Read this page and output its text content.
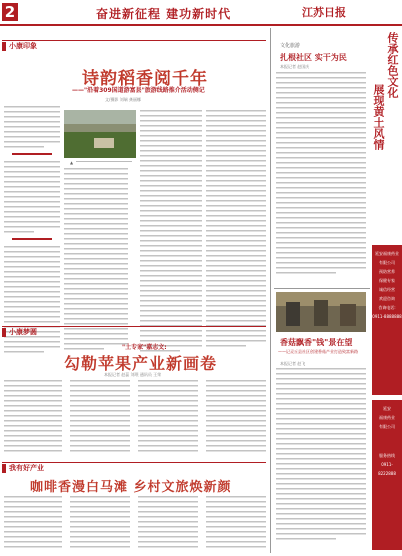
2	奋进新征程 建功新时代	江苏日报
小康印象
诗韵稻香阅千年
——"沿着309国道游富县"旅游线路推介活动侧记
文/摄影 刘瑞 龚丽娜
▲
文化旅游
扎根社区 实干为民
本报记者 赵国庆
香菇飘香"钱"景在望
——记灵丘县社区创建香菇产业打造致富新路
本报记者 赵飞
传承红色文化
展现黄土风情
延安福康药业
有限公司
预防营养
保健专家
诚信经营
欢迎咨询
咨询电话:
0911-8888888
延安
福康药业
有限公司
服务热线
0911-
8222888
小康梦圆
"土专家"嘉志文:
勾勒苹果产业新画卷
本报记者 赵蕊 刘珉 通讯员 王荣
我有好产业
咖啡香漫白马滩 乡村文旅焕新颜
